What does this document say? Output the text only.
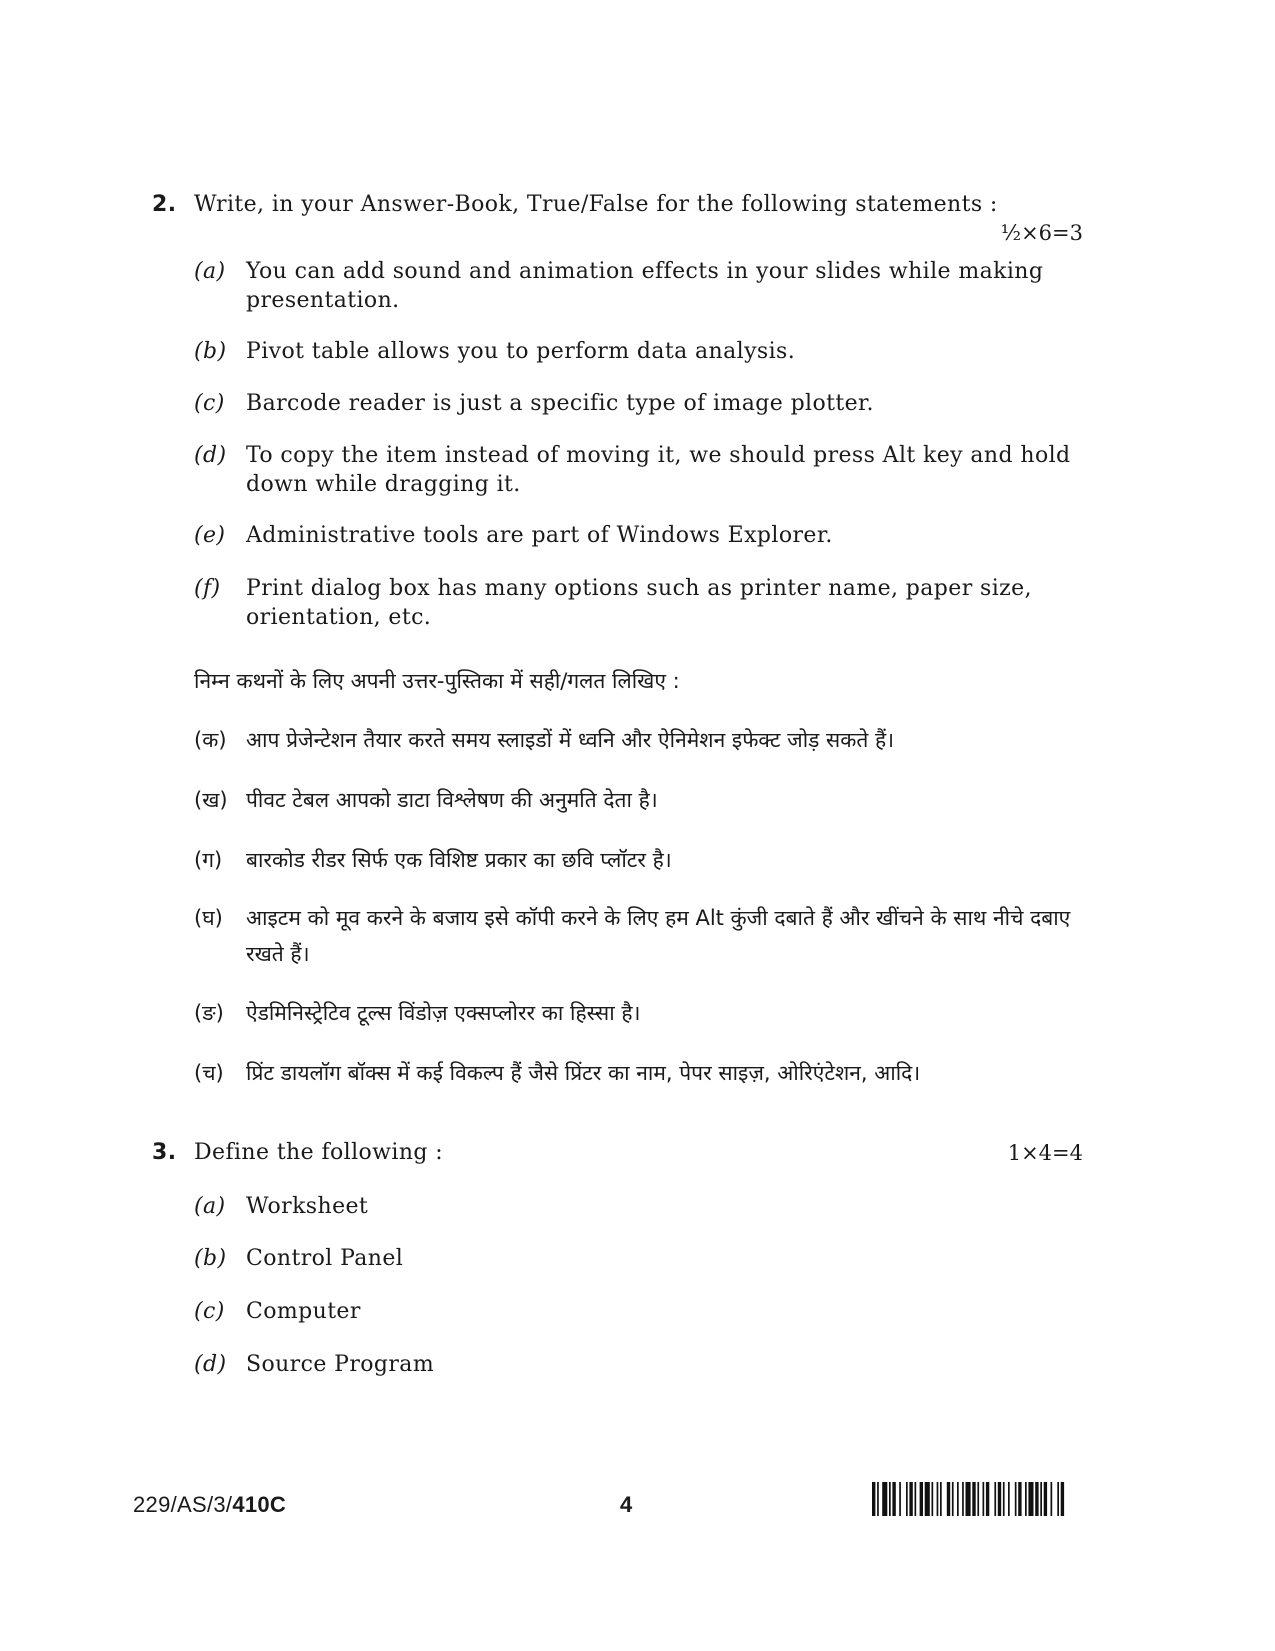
2. Write, in your Answer-Book, True/False for the following statements :
½×6=3
(a) You can add sound and animation effects in your slides while making presentation.
(b) Pivot table allows you to perform data analysis.
(c) Barcode reader is just a specific type of image plotter.
(d) To copy the item instead of moving it, we should press Alt key and hold down while dragging it.
(e) Administrative tools are part of Windows Explorer.
(f) Print dialog box has many options such as printer name, paper size, orientation, etc.
निम्न कथनों के लिए अपनी उत्तर-पुस्तिका में सही/गलत लिखिए :
(क) आप प्रेजेन्टेशन तैयार करते समय स्लाइडों में ध्वनि और ऐनिमेशन इफेक्ट जोड़ सकते हैं।
(ख) पीवट टेबल आपको डाटा विश्लेषण की अनुमति देता है।
(ग) बारकोड रीडर सिर्फ एक विशिष्ट प्रकार का छवि प्लॉटर है।
(घ) आइटम को मूव करने के बजाय इसे कॉपी करने के लिए हम Alt कुंजी दबाते हैं और खींचने के साथ नीचे दबाए रखते हैं।
(ङ) ऐडमिनिस्ट्रेटिव टूल्स विंडोज़ एक्सप्लोरर का हिस्सा है।
(च) प्रिंट डायलॉग बॉक्स में कई विकल्प हैं जैसे प्रिंटर का नाम, पेपर साइज़, ओरिएंटेशन, आदि।
3. Define the following :	1×4=4
(a) Worksheet
(b) Control Panel
(c) Computer
(d) Source Program
229/AS/3/410C	4
